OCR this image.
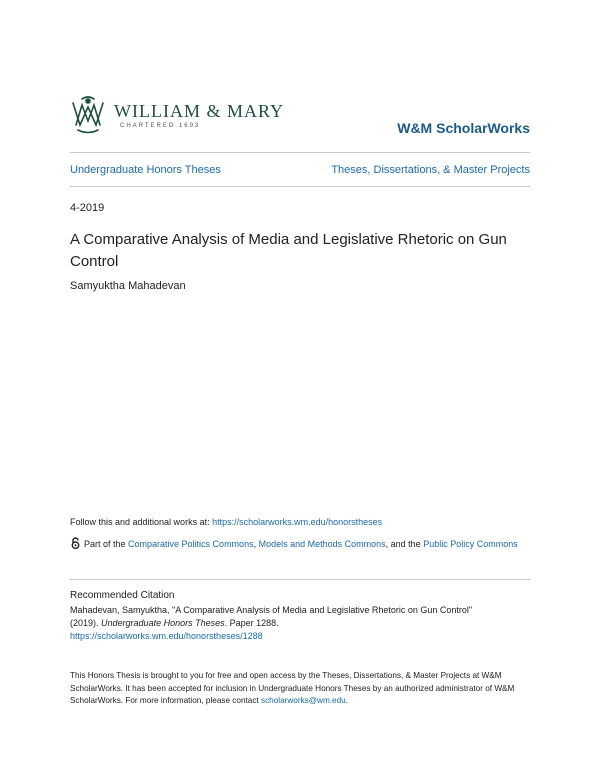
WILLIAM & MARY
CHARTERED 1693	W&M ScholarWorks
Undergraduate Honors Theses	Theses, Dissertations, & Master Projects
4-2019
A Comparative Analysis of Media and Legislative Rhetoric on Gun Control
Samyuktha Mahadevan
Follow this and additional works at: https://scholarworks.wm.edu/honorstheses
Part of the Comparative Politics Commons, Models and Methods Commons, and the Public Policy Commons
Recommended Citation
Mahadevan, Samyuktha, "A Comparative Analysis of Media and Legislative Rhetoric on Gun Control"
(2019). Undergraduate Honors Theses. Paper 1288.
https://scholarworks.wm.edu/honorstheses/1288
This Honors Thesis is brought to you for free and open access by the Theses, Dissertations, & Master Projects at W&M ScholarWorks. It has been accepted for inclusion in Undergraduate Honors Theses by an authorized administrator of W&M ScholarWorks. For more information, please contact scholarworks@wm.edu.
